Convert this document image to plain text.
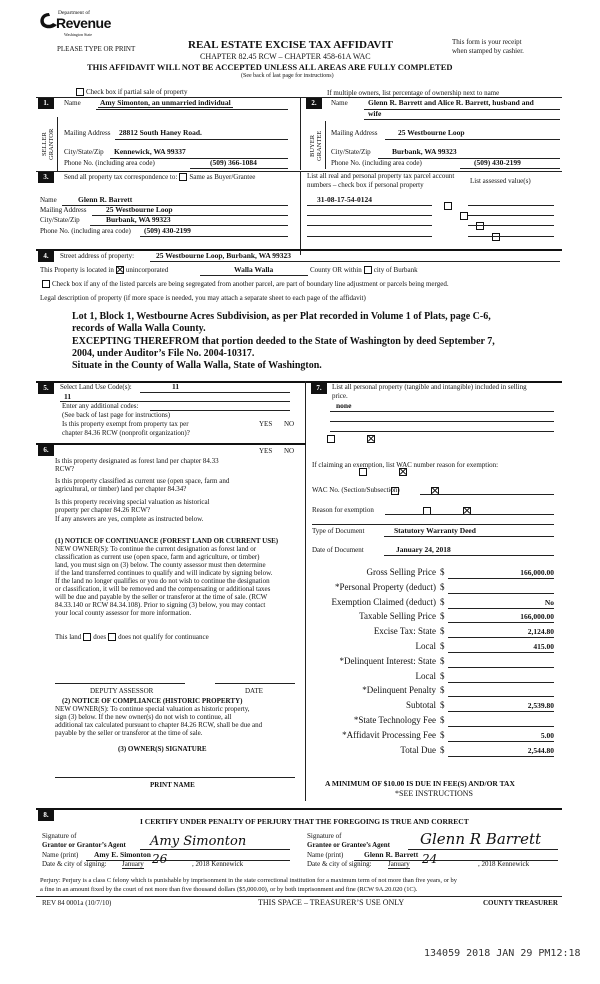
Department of
Revenue
Washington State
PLEASE TYPE OR PRINT	REAL ESTATE EXCISE TAX AFFIDAVIT
CHAPTER 82.45 RCW – CHAPTER 458-61A WAC
THIS AFFIDAVIT WILL NOT BE ACCEPTED UNLESS ALL AREAS ARE FULLY COMPLETED
(See back of last page for instructions)
This form is your receipt
when stamped by cashier.
Check box if partial sale of property	If multiple owners, list percentage of ownership next to name
1.	2.
Name	Amy Simonton, an unmarried individual
SELLER GRANTOR Mailing Address 28812 South Haney Road.
City/State/Zip Kennewick, WA 99337
Phone No. (including area code)	(509) 366-1084
Name	Glenn R. Barrett and Alice R. Barrett, husband and
wife
BUYER GRANTEE Mailing Address	25 Westbourne Loop
City/State/Zip	Burbank, WA 99323
Phone No. (including area code)	(509) 430-2199
3.	Send all property tax correspondence to: Same as Buyer/Grantee	List all real and personal property tax parcel account
numbers – check box if personal property	List assessed value(s)
Name	Glenn R. Barrett
Mailing Address	25 Westbourne Loop
City/State/Zip	Burbank, WA 99323
Phone No. (including area code) (509) 430-2199
31-08-17-54-0124

4.	Street address of property:	25 Westbourne Loop, Burbank, WA 99323
This Property is located in unincorporated	Walla Walla	County OR within city of Burbank
Check box if any of the listed parcels are being segregated from another parcel, are part of boundary line adjustment or parcels being merged.
Legal description of property (if more space is needed, you may attach a separate sheet to each page of the affidavit)
Lot 1, Block 1, Westbourne Acres Subdivision, as per Plat recorded in Volume 1 of Plats, page C-6,
records of Walla Walla County.
EXCEPTING THEREFROM that portion deeded to the State of Washington by deed September 7,
2004, under Auditor’s File No. 2004-10317.
Situate in the County of Walla Walla, State of Washington.
5.	Select Land Use Code(s):	11
11
Enter any additional codes:
(See back of last page for instructions)
Is this property exempt from property tax per
chapter 84.36 RCW (nonprofit organization)?
YES NO

7.	List all personal property (tangible and intangible) included in selling
price.
none
6.	YES NO
Is this property designated as forest land per chapter 84.33
RCW?

Is this property classified as current use (open space, farm and
agricultural, or timber) land per chapter 84.34?

Is this property receiving special valuation as historical
property per chapter 84.26 RCW?

If any answers are yes, complete as instructed below.
(1) NOTICE OF CONTINUANCE (FOREST LAND OR CURRENT USE)
NEW OWNER(S): To continue the current designation as forest land or
classification as current use (open space, farm and agriculture, or timber)
land, you must sign on (3) below. The county assessor must then determine
if the land transferred continues to qualify and will indicate by signing below.
If the land no longer qualifies or you do not wish to continue the designation
or classification, it will be removed and the compensating or additional taxes
will be due and payable by the seller or transferor at the time of sale. (RCW
84.33.140 or RCW 84.34.108). Prior to signing (3) below, you may contact
your local county assessor for more information.
This land does does not qualify for continuance
DEPUTY ASSESSOR	DATE
(2) NOTICE OF COMPLIANCE (HISTORIC PROPERTY)
NEW OWNER(S): To continue special valuation as historic property,
sign (3) below. If the new owner(s) do not wish to continue, all
additional tax calculated pursuant to chapter 84.26 RCW, shall be due and
payable by the seller or transferor at the time of sale.
(3) OWNER(S) SIGNATURE
PRINT NAME
If claiming an exemption, list WAC number reason for exemption:
WAC No. (Section/Subsection)
Reason for exemption
Type of Document	Statutory Warranty Deed
Date of Document	January 24, 2018
Gross Selling Price $	166,000.00
*Personal Property (deduct) $
Exemption Claimed (deduct) $	No
Taxable Selling Price $	166,000.00
Excise Tax: State $	2,124.80
Local $	415.00
*Delinquent Interest: State $
Local $
*Delinquent Penalty $
Subtotal $	2,539.80
*State Technology Fee $
*Affidavit Processing Fee $	5.00
Total Due $	2,544.80
A MINIMUM OF $10.00 IS DUE IN FEE(S) AND/OR TAX
*SEE INSTRUCTIONS
8.
I CERTIFY UNDER PENALTY OF PERJURY THAT THE FOREGOING IS TRUE AND CORRECT
Signature of
Grantor or Grantor’s Agent Amy Simonton
Name (print) Amy E. Simonton
Date & city of signing: January 26	, 2018 Kennewick
Signature of
Grantee or Grantee’s Agent Glenn R Barrett
Name (print)	Glenn R. Barrett
Date & city of signing: January 24	, 2018 Kennewick
Perjury: Perjury is a class C felony which is punishable by imprisonment in the state correctional institution for a maximum term of not more than five years, or by
a fine in an amount fixed by the court of not more than five thousand dollars ($5,000.00), or by both imprisonment and fine (RCW 9A.20.020 (1C).
REV 84 0001a (10/7/10)	THIS SPACE – TREASURER’S USE ONLY	COUNTY TREASURER
134059 2018 JAN 29 PM12:18
